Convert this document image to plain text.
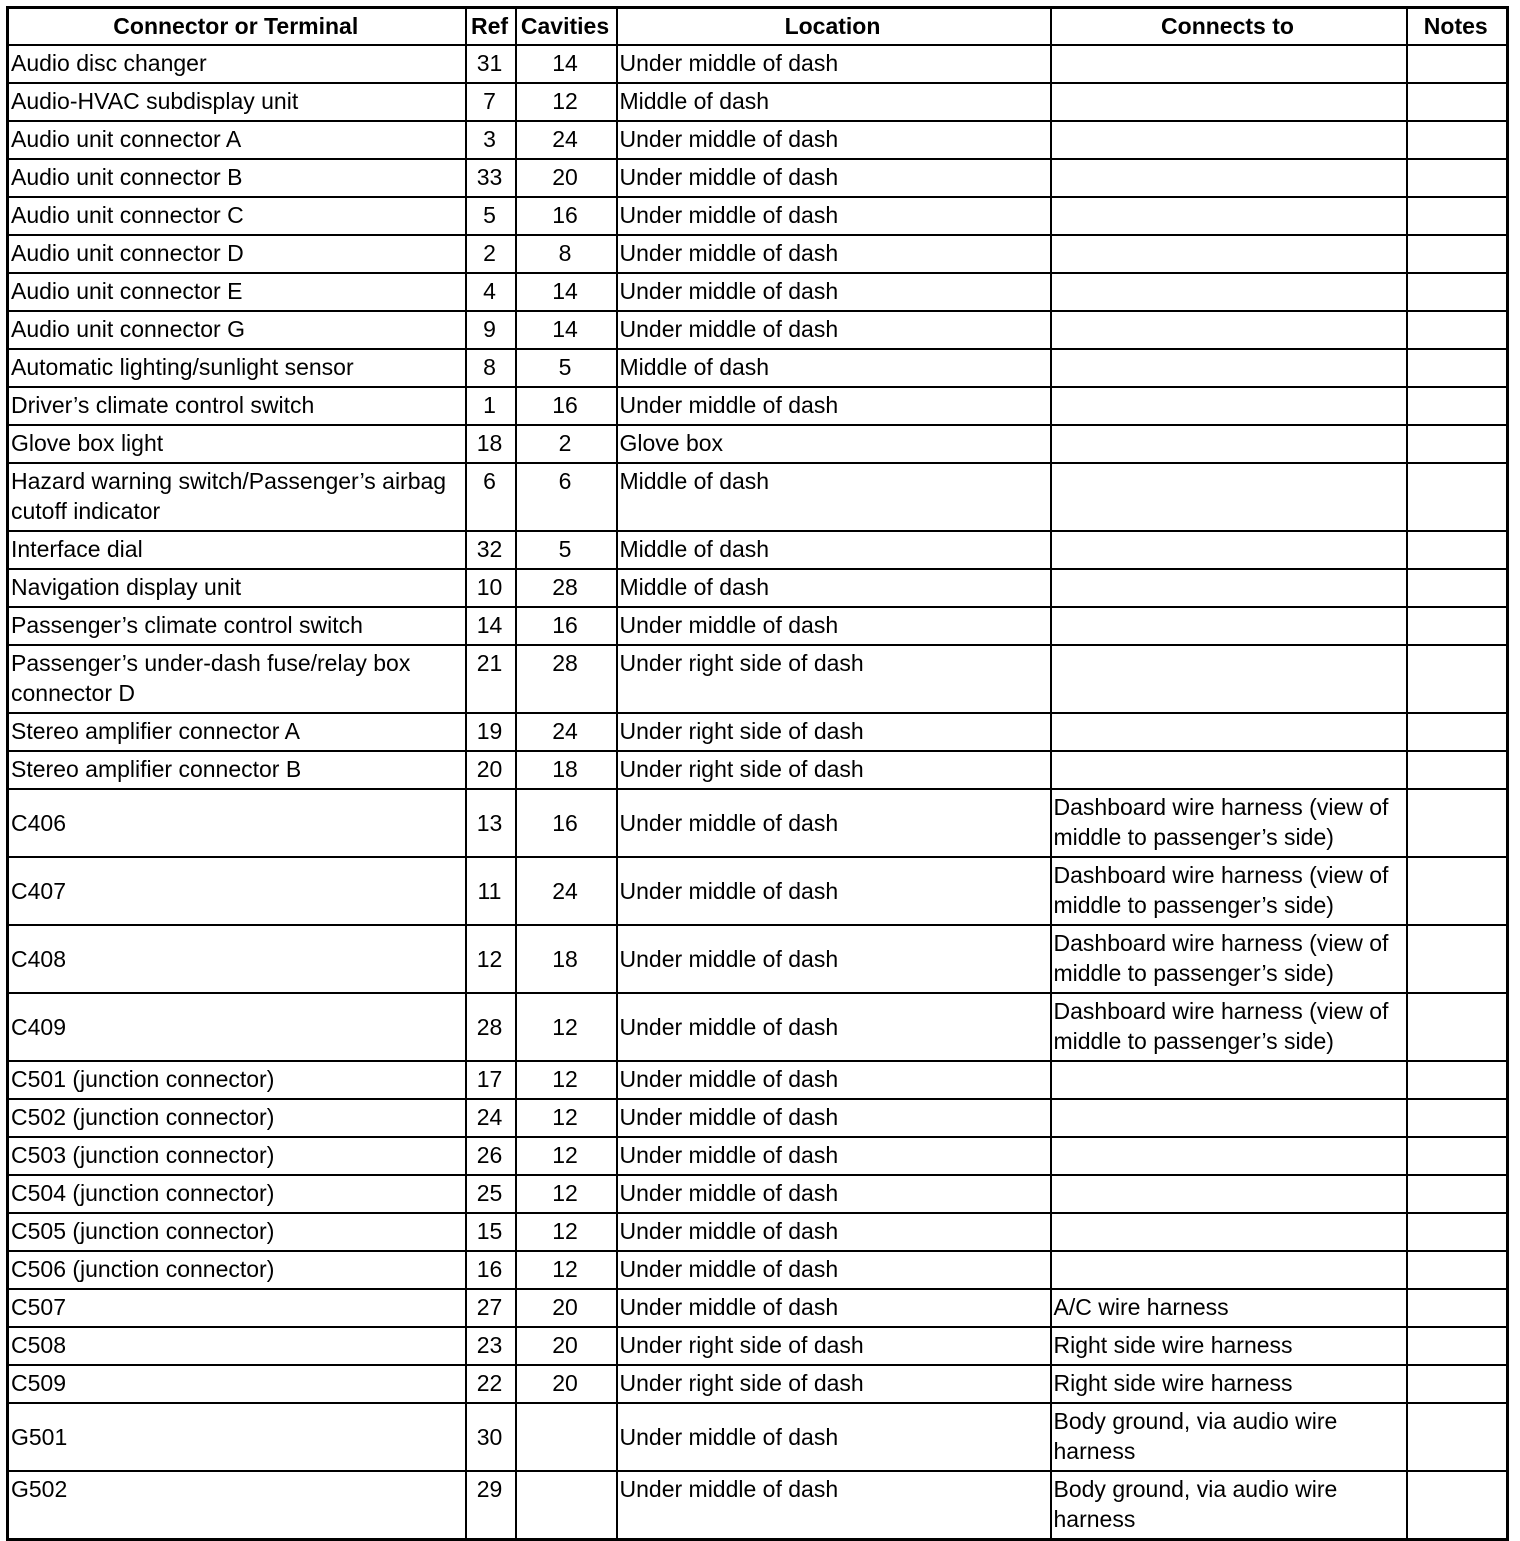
Connector or Terminal	Ref	Cavities	Location	Connects to	Notes
Audio disc changer	31	14	Under middle of dash		
Audio-HVAC subdisplay unit	7	12	Middle of dash		
Audio unit connector A	3	24	Under middle of dash		
Audio unit connector B	33	20	Under middle of dash		
Audio unit connector C	5	16	Under middle of dash		
Audio unit connector D	2	8	Under middle of dash		
Audio unit connector E	4	14	Under middle of dash		
Audio unit connector G	9	14	Under middle of dash		
Automatic lighting/sunlight sensor	8	5	Middle of dash		
Driver’s climate control switch	1	16	Under middle of dash		
Glove box light	18	2	Glove box		
Hazard warning switch/Passenger’s airbag cutoff indicator	6	6	Middle of dash		
Interface dial	32	5	Middle of dash		
Navigation display unit	10	28	Middle of dash		
Passenger’s climate control switch	14	16	Under middle of dash		
Passenger’s under-dash fuse/relay box connector D	21	28	Under right side of dash		
Stereo amplifier connector A	19	24	Under right side of dash		
Stereo amplifier connector B	20	18	Under right side of dash		
C406	13	16	Under middle of dash	Dashboard wire harness (view of middle to passenger’s side)	
C407	11	24	Under middle of dash	Dashboard wire harness (view of middle to passenger’s side)	
C408	12	18	Under middle of dash	Dashboard wire harness (view of middle to passenger’s side)	
C409	28	12	Under middle of dash	Dashboard wire harness (view of middle to passenger’s side)	
C501 (junction connector)	17	12	Under middle of dash		
C502 (junction connector)	24	12	Under middle of dash		
C503 (junction connector)	26	12	Under middle of dash		
C504 (junction connector)	25	12	Under middle of dash		
C505 (junction connector)	15	12	Under middle of dash		
C506 (junction connector)	16	12	Under middle of dash		
C507	27	20	Under middle of dash	A/C wire harness	
C508	23	20	Under right side of dash	Right side wire harness	
C509	22	20	Under right side of dash	Right side wire harness	
G501	30		Under middle of dash	Body ground, via audio wire harness	
G502	29		Under middle of dash	Body ground, via audio wire harness	
